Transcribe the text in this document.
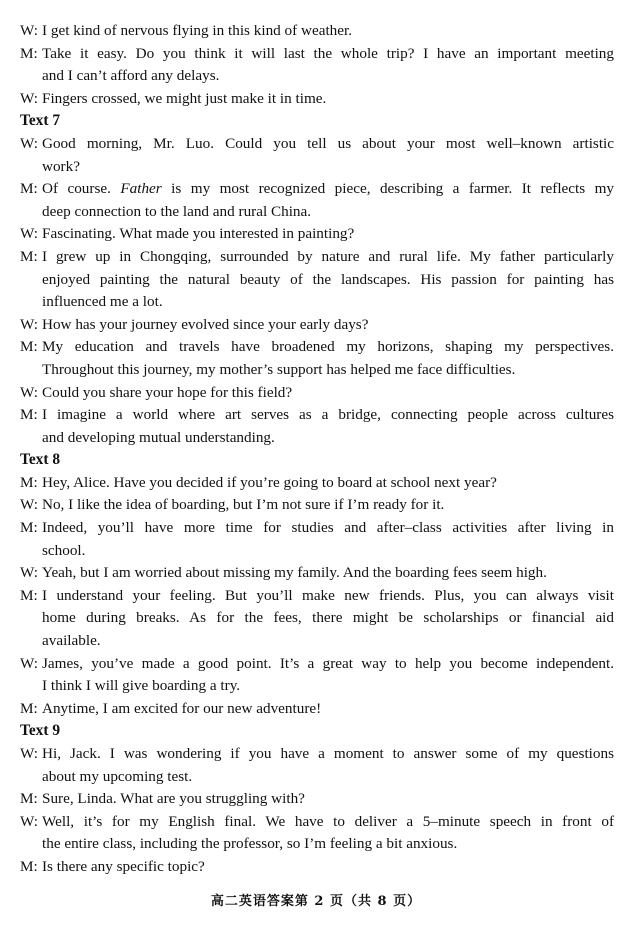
W: I get kind of nervous flying in this kind of weather.
M: Take it easy. Do you think it will last the whole trip? I have an important meeting
and I can’t afford any delays.
W: Fingers crossed, we might just make it in time.
Text 7
W: Good morning, Mr. Luo. Could you tell us about your most well–known artistic
work?
M: Of course. Father is my most recognized piece, describing a farmer. It reflects my
deep connection to the land and rural China.
W: Fascinating. What made you interested in painting?
M: I grew up in Chongqing, surrounded by nature and rural life. My father particularly
enjoyed painting the natural beauty of the landscapes. His passion for painting has
influenced me a lot.
W: How has your journey evolved since your early days?
M: My education and travels have broadened my horizons, shaping my perspectives.
Throughout this journey, my mother’s support has helped me face difficulties.
W: Could you share your hope for this field?
M: I imagine a world where art serves as a bridge, connecting people across cultures
and developing mutual understanding.
Text 8
M: Hey, Alice. Have you decided if you’re going to board at school next year?
W: No, I like the idea of boarding, but I’m not sure if I’m ready for it.
M: Indeed, you’ll have more time for studies and after–class activities after living in
school.
W: Yeah, but I am worried about missing my family. And the boarding fees seem high.
M: I understand your feeling. But you’ll make new friends. Plus, you can always visit
home during breaks. As for the fees, there might be scholarships or financial aid
available.
W: James, you’ve made a good point. It’s a great way to help you become independent.
I think I will give boarding a try.
M: Anytime, I am excited for our new adventure!
Text 9
W: Hi, Jack. I was wondering if you have a moment to answer some of my questions
about my upcoming test.
M: Sure, Linda. What are you struggling with?
W: Well, it’s for my English final. We have to deliver a 5–minute speech in front of
the entire class, including the professor, so I’m feeling a bit anxious.
M: Is there any specific topic?
高二英语答案第 2 页（共 8 页）
